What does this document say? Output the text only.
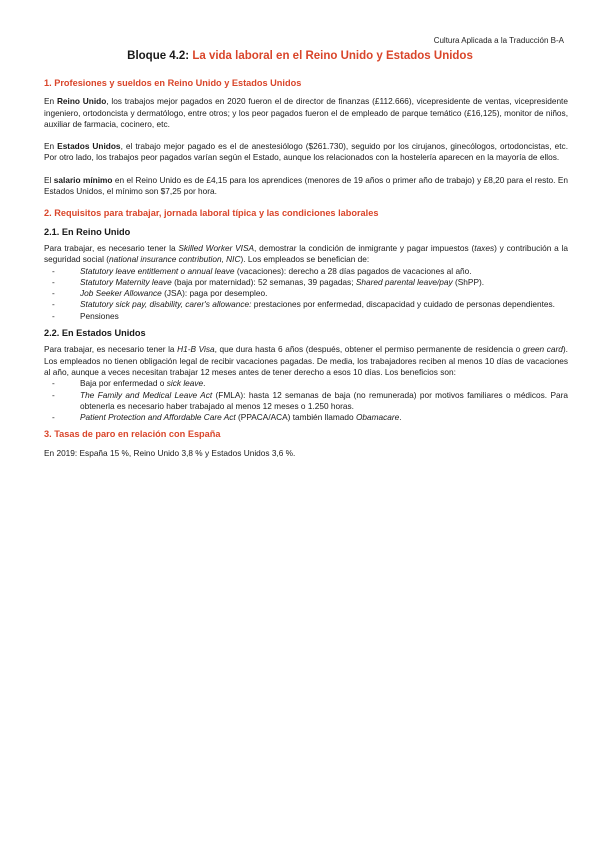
Cultura Aplicada a la Traducción B-A
Bloque 4.2: La vida laboral en el Reino Unido y Estados Unidos
1. Profesiones y sueldos en Reino Unido y Estados Unidos

En Reino Unido, los trabajos mejor pagados en 2020 fueron el de director de finanzas (£112.666), vicepresidente de ventas, vicepresidente ingeniero, ortodoncista y dermatólogo, entre otros; y los peor pagados fueron el de empleado de parque temático (£16,125), monitor de niños, auxiliar de farmacia, cocinero, etc.

En Estados Unidos, el trabajo mejor pagado es el de anestesiólogo ($261.730), seguido por los cirujanos, ginecólogos, ortodoncistas, etc. Por otro lado, los trabajos peor pagados varían según el Estado, aunque los relacionados con la hostelería aparecen en la mayoría de ellos.

El salario mínimo en el Reino Unido es de £4,15 para los aprendices (menores de 19 años o primer año de trabajo) y £8,20 para el resto. En Estados Unidos, el mínimo son $7,25 por hora.

2. Requisitos para trabajar, jornada laboral típica y las condiciones laborales
2.1. En Reino Unido

Para trabajar, es necesario tener la Skilled Worker VISA, demostrar la condición de inmigrante y pagar impuestos (taxes) y contribución a la seguridad social (national insurance contribution, NIC). Los empleados se benefician de:

- Statutory leave entitlement o annual leave (vacaciones): derecho a 28 días pagados de vacaciones al año.
- Statutory Maternity leave (baja por maternidad): 52 semanas, 39 pagadas; Shared parental leave/pay (ShPP).
- Job Seeker Allowance (JSA): paga por desempleo.
- Statutory sick pay, disability, carer's allowance: prestaciones por enfermedad, discapacidad y cuidado de personas dependientes.
- Pensiones
2.2. En Estados Unidos

Para trabajar, es necesario tener la H1-B Visa, que dura hasta 6 años (después, obtener el permiso permanente de residencia o green card). Los empleados no tienen obligación legal de recibir vacaciones pagadas. De media, los trabajadores reciben al menos 10 días de vacaciones al año, aunque a veces necesitan trabajar 12 meses antes de tener derecho a esos 10 días. Los beneficios son:

- Baja por enfermedad o sick leave.
- The Family and Medical Leave Act (FMLA): hasta 12 semanas de baja (no remunerada) por motivos familiares o médicos. Para obtenerla es necesario haber trabajado al menos 12 meses o 1.250 horas.
- Patient Protection and Affordable Care Act (PPACA/ACA) también llamado Obamacare.
3. Tasas de paro en relación con España

En 2019: España 15 %, Reino Unido 3,8 % y Estados Unidos 3,6 %.
